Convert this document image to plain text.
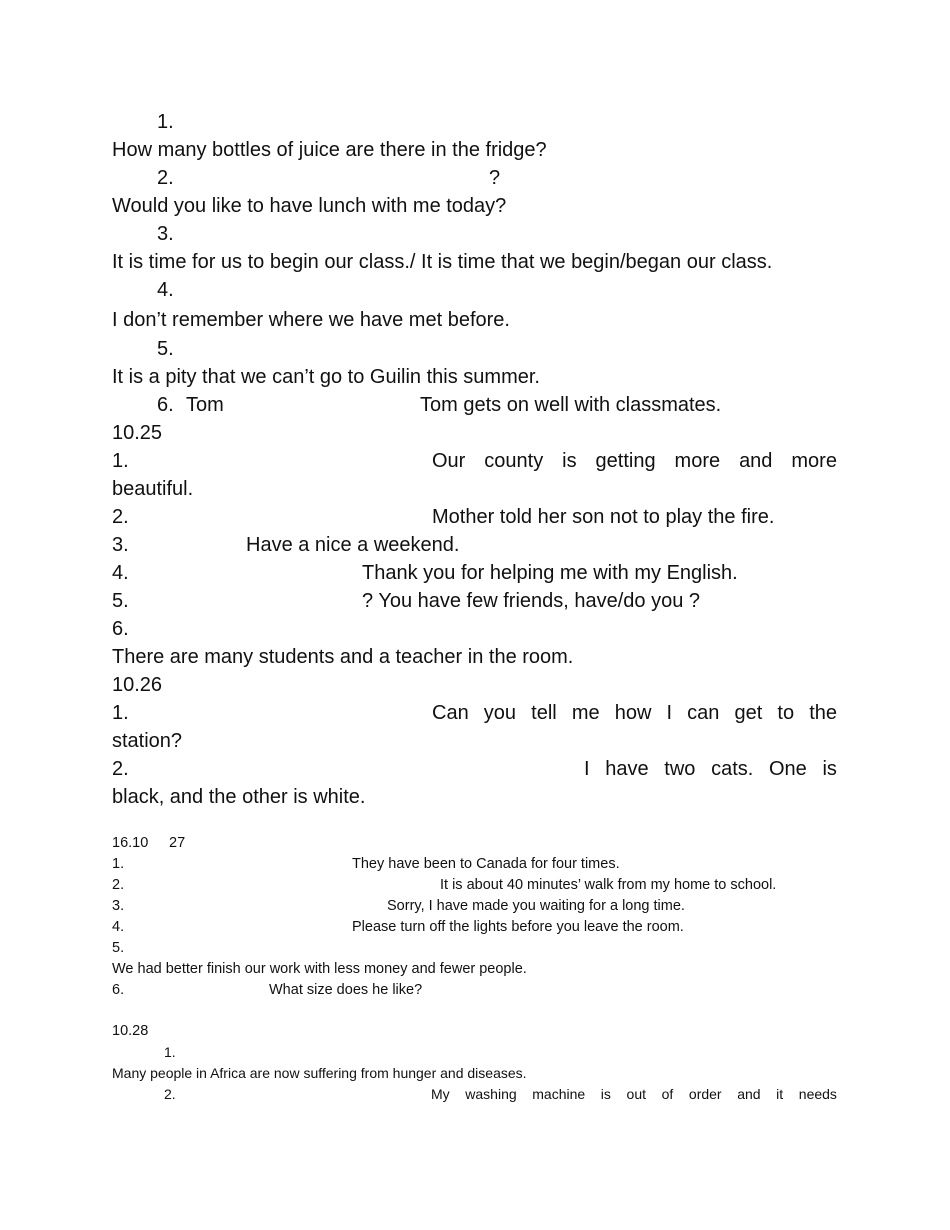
1.
How many bottles of juice are there in the fridge?
2.	?
Would you like to have lunch with me today?
3.
It is time for us to begin our class./ It is time that we begin/began our class.
4.
I don’t remember where we have met before.
5.
It is a pity that we can’t go to Guilin this summer.
6. Tom	Tom gets on well with classmates.
10.25
1.	Our county is getting more and more
beautiful.
2.	Mother told her son not to play the fire.
3.	Have a nice a weekend.
4.	Thank you for helping me with my English.
5.	? You have few friends, have/do you ?
6.
There are many students and a teacher in the room.
10.26
1.	Can you tell me how I can get to the
station?
2.	I have two cats. One is
black, and the other is white.
16.10 27
1.	They have been to Canada for four times.
2.	It is about 40 minutes’ walk from my home to school.
3.	Sorry, I have made you waiting for a long time.
4.	Please turn off the lights before you leave the room.
5.
We had better finish our work with less money and fewer people.
6.	What size does he like?
10.28
1.
Many people in Africa are now suffering from hunger and diseases.
2.	My washing machine is out of order and it needs
